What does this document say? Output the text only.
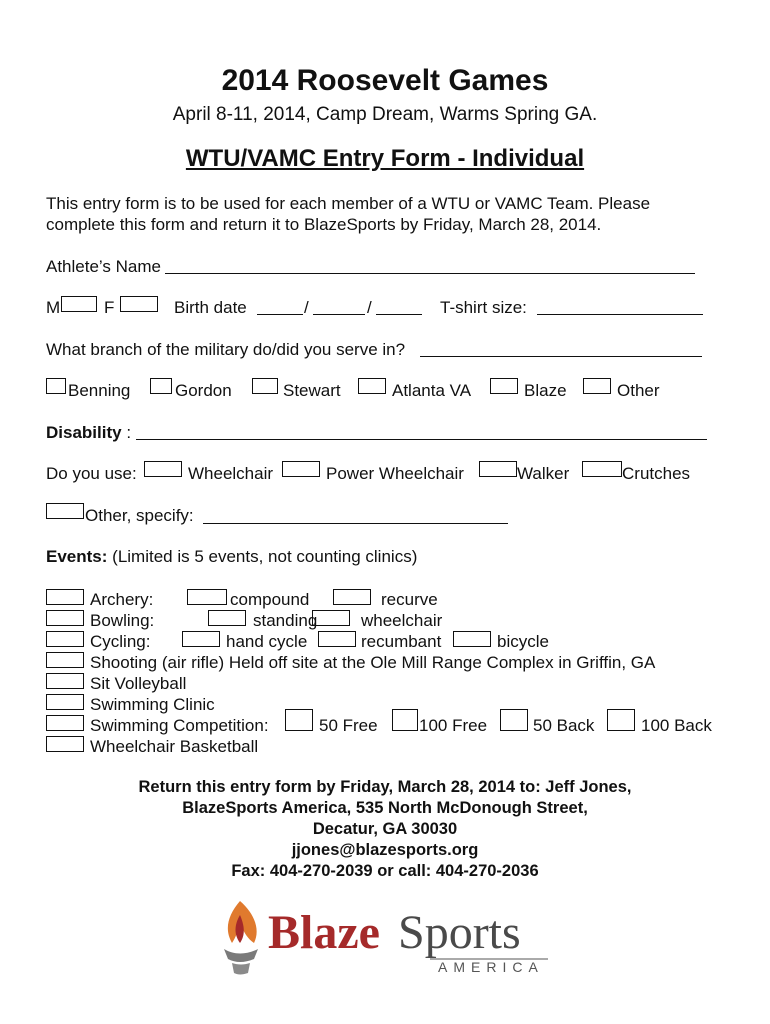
2014 Roosevelt Games
April 8-11, 2014, Camp Dream, Warms Spring GA.
WTU/VAMC Entry Form - Individual
This entry form is to be used for each member of a WTU or VAMC Team. Please
complete this form and return it to BlazeSports by Friday, March 28, 2014.
Athlete’s Name
M	F	Birth date	/	/	T-shirt size:
What branch of the military do/did you serve in?
Benning	Gordon	Stewart	Atlanta VA	Blaze	Other
Disability :
Do you use:	Wheelchair	Power Wheelchair	Walker	Crutches
Other, specify:
Events: (Limited is 5 events, not counting clinics)
Archery:	compound	recurve
Bowling:	standing	wheelchair
Cycling:	hand cycle	recumbant	bicycle
Shooting (air rifle) Held off site at the Ole Mill Range Complex in Griffin, GA
Sit Volleyball
Swimming Clinic
Swimming Competition:	50 Free 100 Free	50 Back	100 Back
Wheelchair Basketball
Return this entry form by Friday, March 28, 2014 to: Jeff Jones,
BlazeSports America, 535 North McDonough Street,
Decatur, GA 30030
jjones@blazesports.org
Fax: 404-270-2039 or call: 404-270-2036
Blaze Sports
AMERICA
